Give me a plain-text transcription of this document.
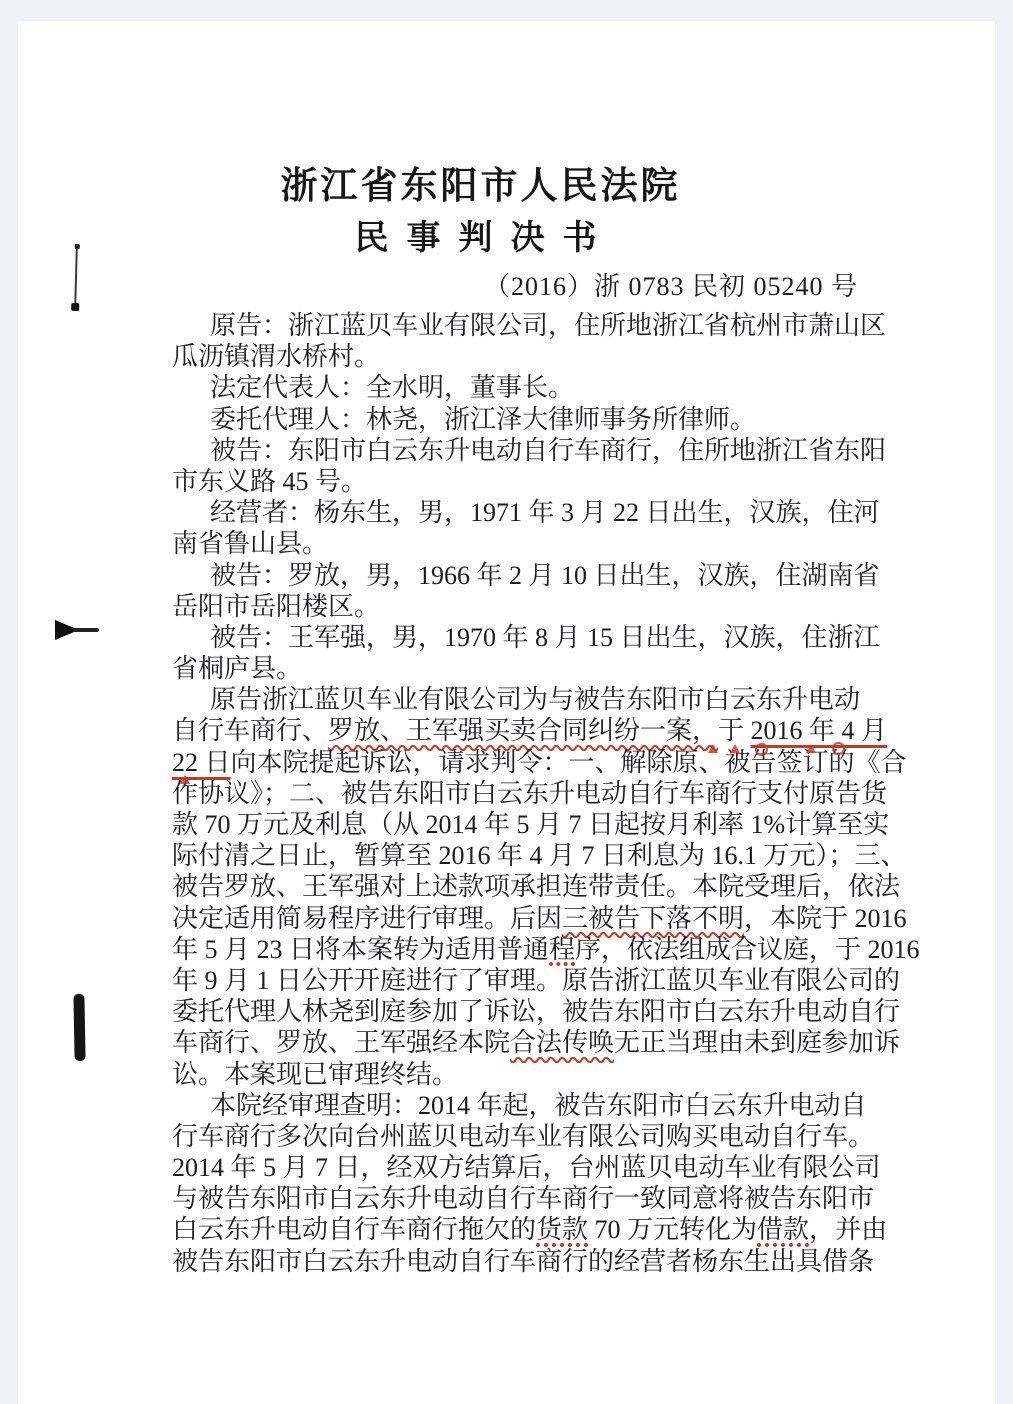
浙江省东阳市人民法院
民事判决书
（2016）浙 0783 民初 05240 号
原告：浙江蓝贝车业有限公司，住所地浙江省杭州市萧山区
瓜沥镇渭水桥村。
法定代表人：全水明，董事长。
委托代理人：林尧，浙江泽大律师事务所律师。
被告：东阳市白云东升电动自行车商行，住所地浙江省东阳
市东义路 45 号。
经营者：杨东生，男，1971 年 3 月 22 日出生，汉族，住河
南省鲁山县。
被告：罗放，男，1966 年 2 月 10 日出生，汉族，住湖南省
岳阳市岳阳楼区。
被告：王军强，男，1970 年 8 月 15 日出生，汉族，住浙江
省桐庐县。
原告浙江蓝贝车业有限公司为与被告东阳市白云东升电动
自行车商行、罗放、王军强买卖合同纠纷一案，于 2016 年 4 月
22 日向本院提起诉讼，请求判令：一、解除原、被告签订的《合
作协议》；二、被告东阳市白云东升电动自行车商行支付原告货
款 70 万元及利息（从 2014 年 5 月 7 日起按月利率 1%计算至实
际付清之日止，暂算至 2016 年 4 月 7 日利息为 16.1 万元）；三、
被告罗放、王军强对上述款项承担连带责任。本院受理后，依法
决定适用简易程序进行审理。后因三被告下落不明，本院于 2016
年 5 月 23 日将本案转为适用普通程序，依法组成合议庭，于 2016
年 9 月 1 日公开开庭进行了审理。原告浙江蓝贝车业有限公司的
委托代理人林尧到庭参加了诉讼，被告东阳市白云东升电动自行
车商行、罗放、王军强经本院合法传唤无正当理由未到庭参加诉
讼。本案现已审理终结。
本院经审理查明：2014 年起，被告东阳市白云东升电动自
行车商行多次向台州蓝贝电动车业有限公司购买电动自行车。
2014 年 5 月 7 日，经双方结算后，台州蓝贝电动车业有限公司
与被告东阳市白云东升电动自行车商行一致同意将被告东阳市
白云东升电动自行车商行拖欠的货款 70 万元转化为借款，并由
被告东阳市白云东升电动自行车商行的经营者杨东生出具借条
